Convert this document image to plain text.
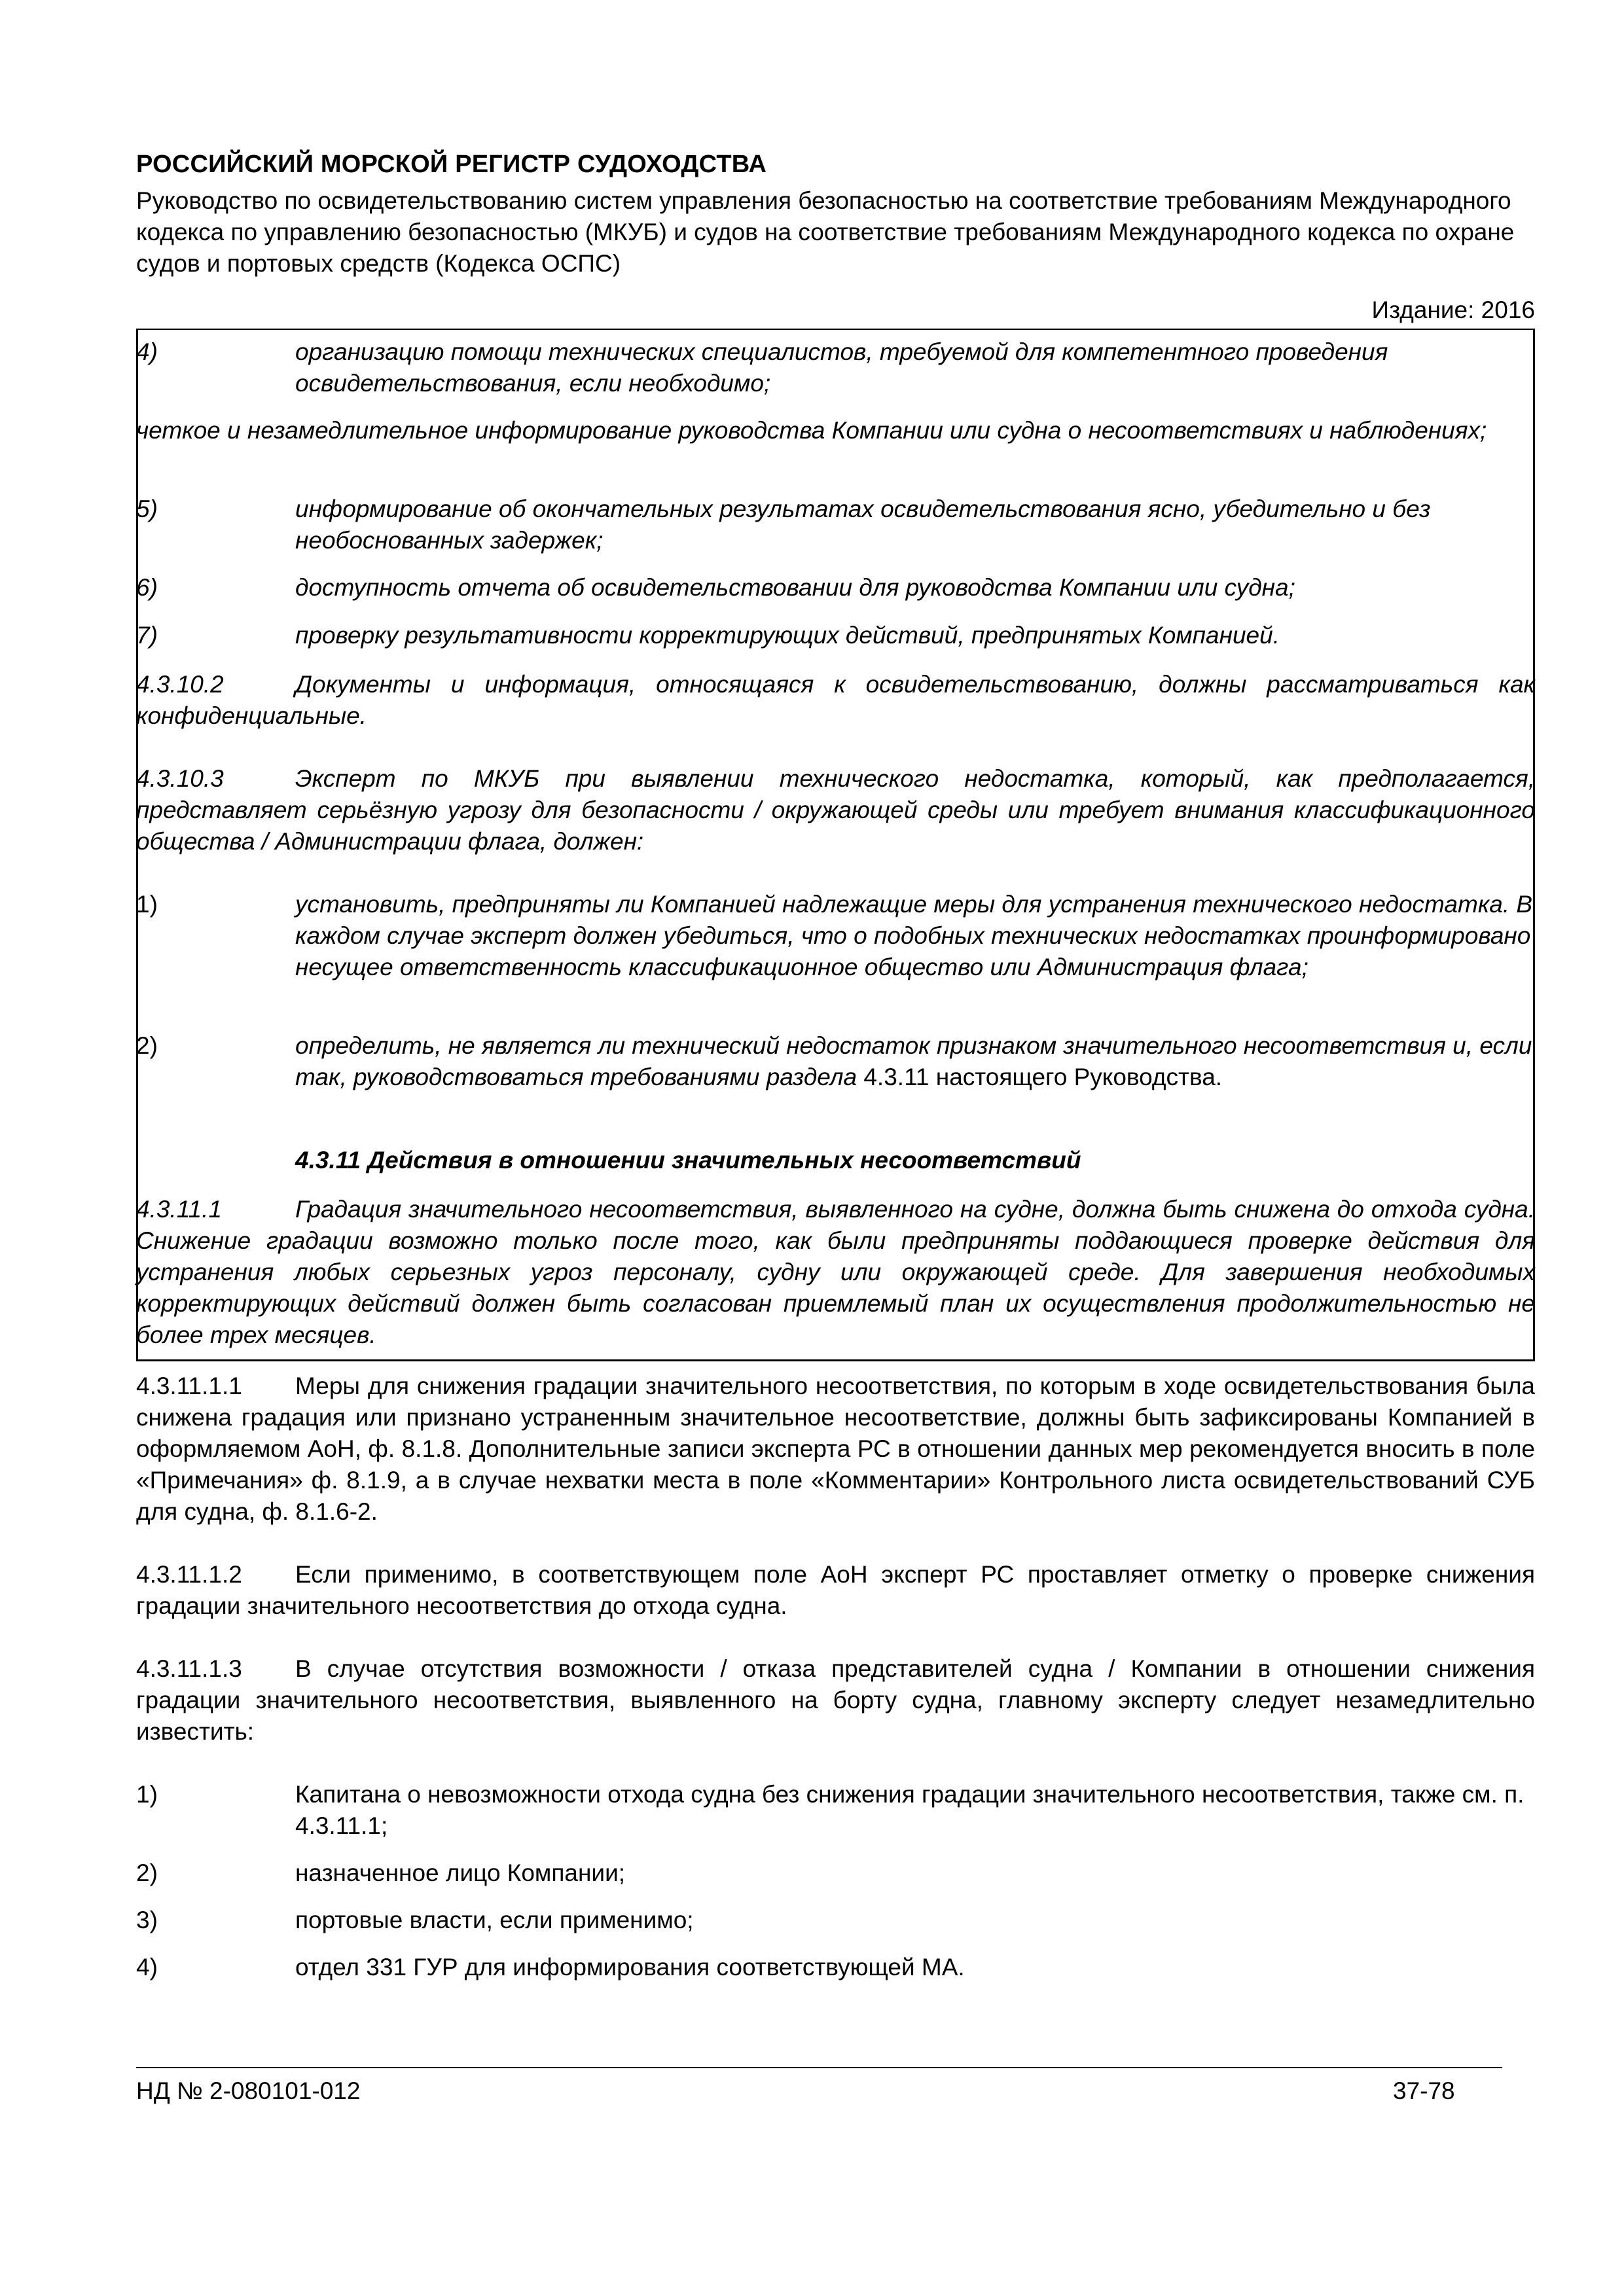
РОССИЙСКИЙ МОРСКОЙ РЕГИСТР СУДОХОДСТВА
Руководство по освидетельствованию систем управления безопасностью на соответствие требованиям Международного кодекса по управлению безопасностью (МКУБ) и судов на соответствие требованиям Международного кодекса по охране судов и портовых средств (Кодекса ОСПС)
Издание: 2016
4)	организацию помощи технических специалистов, требуемой для компетентного проведения освидетельствования, если необходимо;
четкое и незамедлительное информирование руководства Компании или судна о несоответствиях и наблюдениях;
5)	информирование об окончательных результатах освидетельствования ясно, убедительно и без необоснованных задержек;
6)	доступность отчета об освидетельствовании для руководства Компании или судна;
7)	проверку результативности корректирующих действий, предпринятых Компанией.
4.3.10.2	Документы и информация, относящаяся к освидетельствованию, должны рассматриваться как конфиденциальные.
4.3.10.3	Эксперт по МКУБ при выявлении технического недостатка, который, как предполагается, представляет серьёзную угрозу для безопасности / окружающей среды или требует внимания классификационного общества / Администрации флага, должен:
1)	установить, предприняты ли Компанией надлежащие меры для устранения технического недостатка. В каждом случае эксперт должен убедиться, что о подобных технических недостатках проинформировано несущее ответственность классификационное общество или Администрация флага;
2)	определить, не является ли технический недостаток признаком значительного несоответствия и, если так, руководствоваться требованиями раздела 4.3.11 настоящего Руководства.
4.3.11 Действия в отношении значительных несоответствий
4.3.11.1	Градация значительного несоответствия, выявленного на судне, должна быть снижена до отхода судна. Снижение градации возможно только после того, как были предприняты поддающиеся проверке действия для устранения любых серьезных угроз персоналу, судну или окружающей среде. Для завершения необходимых корректирующих действий должен быть согласован приемлемый план их осуществления продолжительностью не более трех месяцев.
4.3.11.1.1 Меры для снижения градации значительного несоответствия, по которым в ходе освидетельствования была снижена градация или признано устраненным значительное несоответствие, должны быть зафиксированы Компанией в оформляемом АоН, ф. 8.1.8. Дополнительные записи эксперта РС в отношении данных мер рекомендуется вносить в поле «Примечания» ф. 8.1.9, а в случае нехватки места в поле «Комментарии» Контрольного листа освидетельствований СУБ для судна, ф. 8.1.6-2.
4.3.11.1.2 Если применимо, в соответствующем поле АоН эксперт РС проставляет отметку о проверке снижения градации значительного несоответствия до отхода судна.
4.3.11.1.3 В случае отсутствия возможности / отказа представителей судна / Компании в отношении снижения градации значительного несоответствия, выявленного на борту судна, главному эксперту следует незамедлительно известить:
1)	Капитана о невозможности отхода судна без снижения градации значительного несоответствия, также см. п. 4.3.11.1;
2)	назначенное лицо Компании;
3)	портовые власти, если применимо;
4)	отдел 331 ГУР для информирования соответствующей МА.
НД № 2-080101-012	37-78
